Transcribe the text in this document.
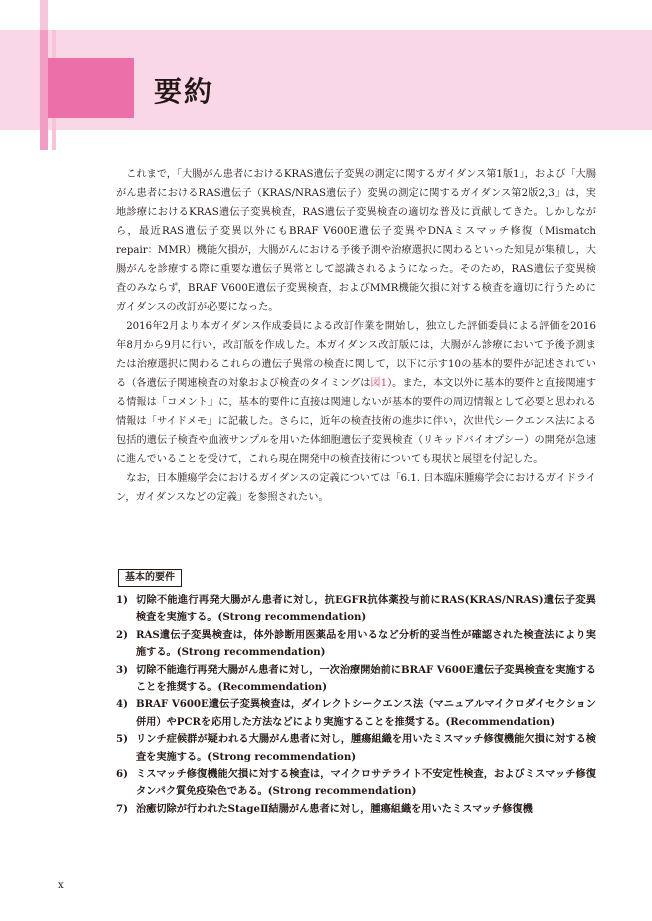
要約

これまで，「大腸がん患者におけるKRAS遺伝子変異の測定に関するガイダンス第1版1」，および「大腸がん患者におけるRAS遺伝子（KRAS/NRAS遺伝子）変異の測定に関するガイダンス第2版2,3」は，実地診療におけるKRAS遺伝子変異検査，RAS遺伝子変異検査の適切な普及に貢献してきた。しかしながら，最近RAS遺伝子変異以外にもBRAF V600E遺伝子変異やDNAミスマッチ修復（Mismatch repair：MMR）機能欠損が，大腸がんにおける予後予測や治療選択に関わるといった知見が集積し，大腸がんを診療する際に重要な遺伝子異常として認識されるようになった。そのため，RAS遺伝子変異検査のみならず，BRAF V600E遺伝子変異検査，およびMMR機能欠損に対する検査を適切に行うためにガイダンスの改訂が必要になった。

2016年2月より本ガイダンス作成委員による改訂作業を開始し，独立した評価委員による評価を2016年8月から9月に行い，改訂版を作成した。本ガイダンス改訂版には，大腸がん診療において予後予測または治療選択に関わるこれらの遺伝子異常の検査に関して，以下に示す10の基本的要件が記述されている（各遺伝子関連検査の対象および検査のタイミングは図1）。また，本文以外に基本的要件と直接関連する情報は「コメント」に，基本的要件に直接は関連しないが基本的要件の周辺情報として必要と思われる情報は「サイドメモ」に記載した。さらに，近年の検査技術の進歩に伴い，次世代シークエンス法による包括的遺伝子検査や血液サンプルを用いた体細胞遺伝子変異検査（リキッドバイオプシー）の開発が急速に進んでいることを受けて，これら現在開発中の検査技術についても現状と展望を付記した。

なお，日本腫瘍学会におけるガイダンスの定義については「6.1. 日本臨床腫瘍学会におけるガイドライン，ガイダンスなどの定義」を参照されたい。

基本的要件
1) 切除不能進行再発大腸がん患者に対し，抗EGFR抗体薬投与前にRAS(KRAS/NRAS)遺伝子変異検査を実施する。(Strong recommendation)
2) RAS遺伝子変異検査は，体外診断用医薬品を用いるなど分析的妥当性が確認された検査法により実施する。(Strong recommendation)
3) 切除不能進行再発大腸がん患者に対し，一次治療開始前にBRAF V600E遺伝子変異検査を実施することを推奨する。(Recommendation)
4) BRAF V600E遺伝子変異検査は，ダイレクトシークエンス法（マニュアルマイクロダイセクション併用）やPCRを応用した方法などにより実施することを推奨する。(Recommendation)
5) リンチ症候群が疑われる大腸がん患者に対し，腫瘍組織を用いたミスマッチ修復機能欠損に対する検査を実施する。(Strong recommendation)
6) ミスマッチ修復機能欠損に対する検査は，マイクロサテライト不安定性検査，およびミスマッチ修復タンパク質免疫染色である。(Strong recommendation)
7) 治癒切除が行われたStageⅡ結腸がん患者に対し，腫瘍組織を用いたミスマッチ修復機
x
